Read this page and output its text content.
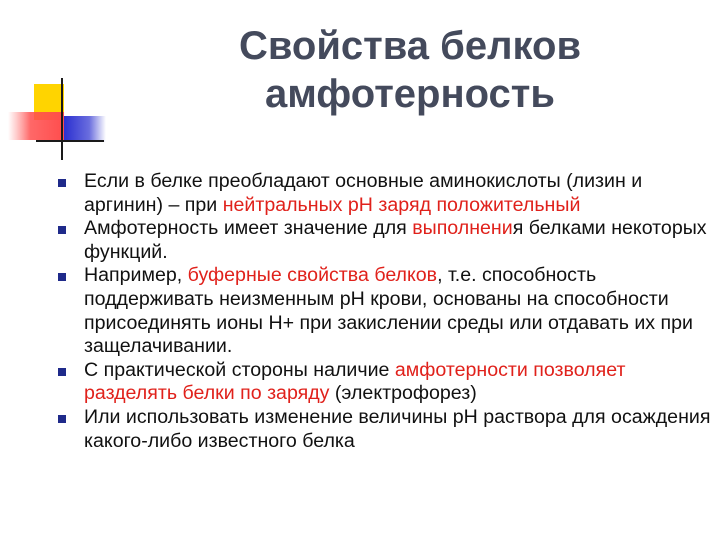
Свойства белков
амфотерность
Если в белке преобладают основные аминокислоты (лизин и аргинин) – при нейтральных рН заряд положительный
Амфотерность имеет значение для выполнения белками некоторых функций.
Например, буферные свойства белков, т.е. способность поддерживать неизменным рН крови, основаны на способности присоединять ионы Н+ при закислении среды или отдавать их при защелачивании.
С практической стороны наличие амфотерности позволяет разделять белки по заряду (электрофорез)
Или использовать изменение величины рН раствора для осаждения какого-либо известного белка
